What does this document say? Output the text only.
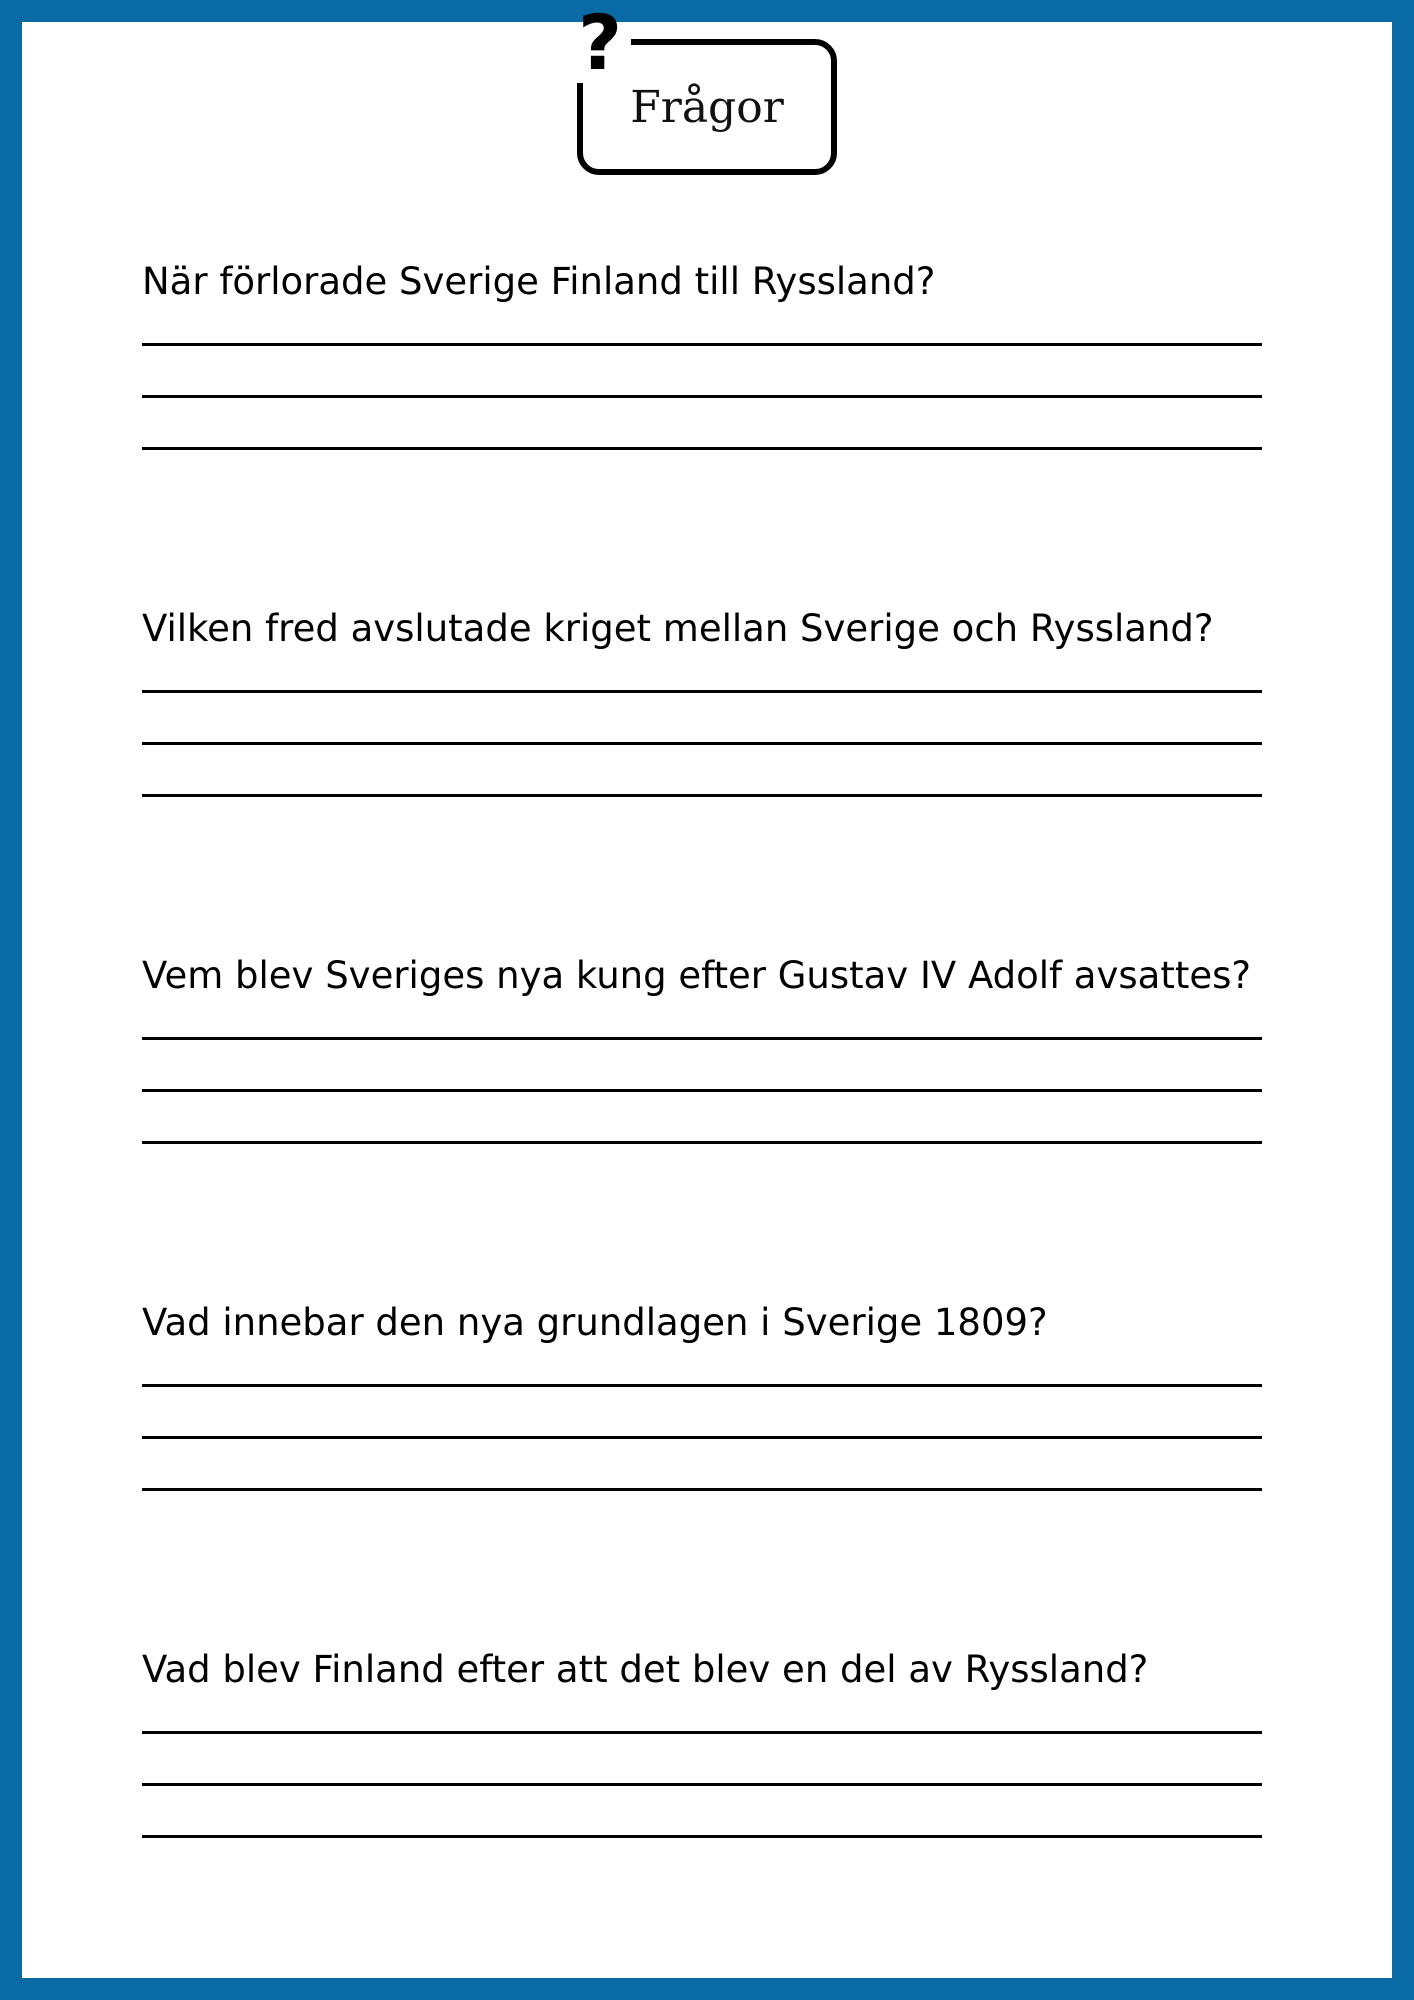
?
Frågor
När förlorade Sverige Finland till Ryssland?
Vilken fred avslutade kriget mellan Sverige och Ryssland?
Vem blev Sveriges nya kung efter Gustav IV Adolf avsattes?
Vad innebar den nya grundlagen i Sverige 1809?
Vad blev Finland efter att det blev en del av Ryssland?
